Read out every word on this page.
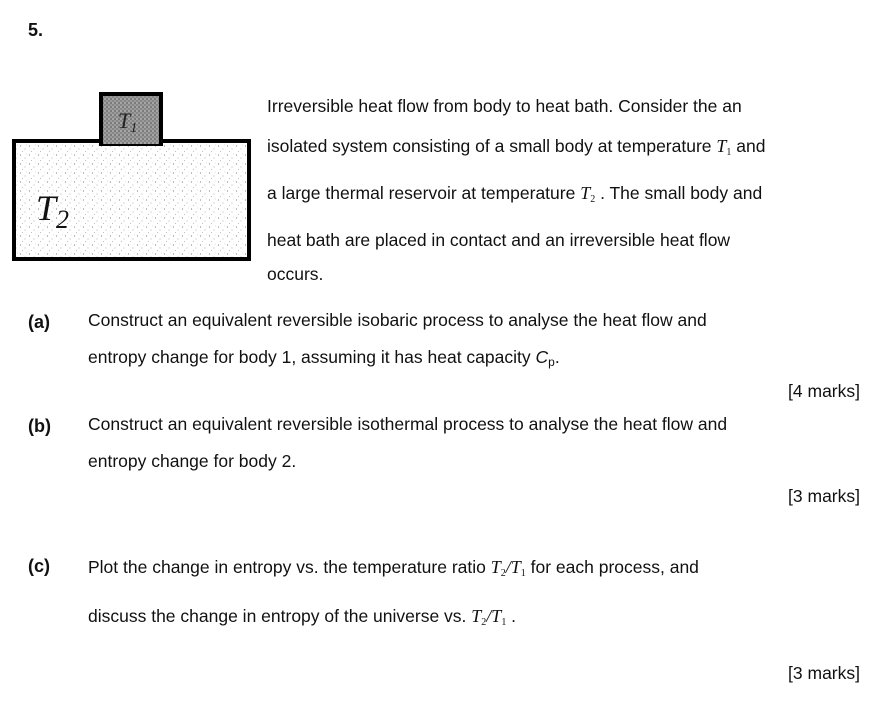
5.
T1
$T_2$
Irreversible heat flow from body to heat bath. Consider the an
isolated system consisting of a small body at temperature $T_1$ and
a large thermal reservoir at temperature $T_2$ . The small body and
heat bath are placed in contact and an irreversible heat flow
occurs.
(a) Construct an equivalent reversible isobaric process to analyse the heat flow and
entropy change for body 1, assuming it has heat capacity $C_p$.
[4 marks]
(b) Construct an equivalent reversible isothermal process to analyse the heat flow and
entropy change for body 2.
[3 marks]
(c) Plot the change in entropy vs. the temperature ratio $T_2/T_1$ for each process, and
discuss the change in entropy of the universe vs. $T_2/T_1$ .
[3 marks]
